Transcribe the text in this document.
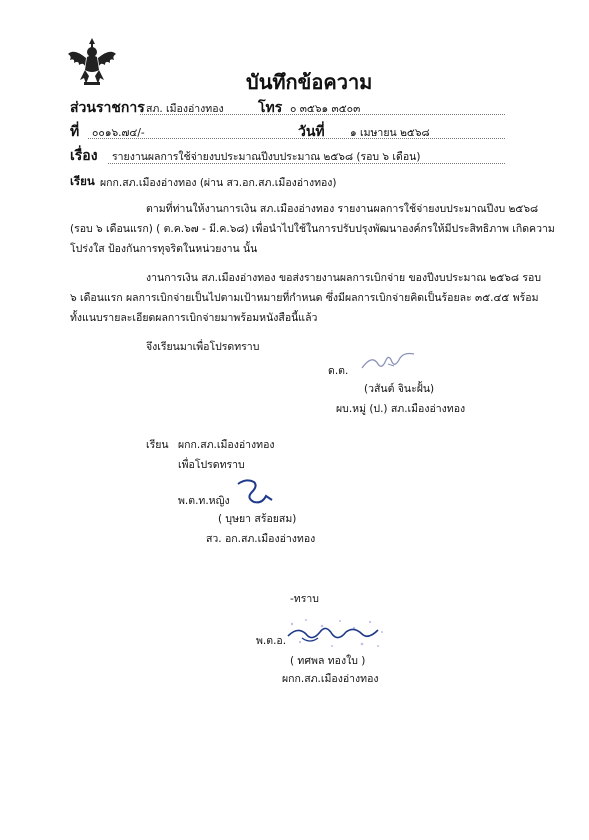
บันทึกข้อความ
ส่วนราชการ สภ. เมืองอ่างทอง โทร ๐ ๓๕๖๑ ๓๕๐๓
ที่ ๐๐๑๖.๗๔/-	วันที่ ๑ เมษายน ๒๕๖๘
เรื่อง รายงานผลการใช้จ่ายงบประมาณปีงบประมาณ ๒๕๖๘ (รอบ ๖ เดือน)
เรียน ผกก.สภ.เมืองอ่างทอง (ผ่าน สว.อก.สภ.เมืองอ่างทอง)
ตามที่ท่านให้งานการเงิน สภ.เมืองอ่างทอง รายงานผลการใช้จ่ายงบประมาณปีงบ ๒๕๖๘
(รอบ ๖ เดือนแรก) ( ต.ค.๖๗ - มี.ค.๖๘) เพื่อนำไปใช้ในการปรับปรุงพัฒนาองค์กรให้มีประสิทธิภาพ เกิดความ
โปร่งใส ป้องกันการทุจริตในหน่วยงาน นั้น
งานการเงิน สภ.เมืองอ่างทอง ขอส่งรายงานผลการเบิกจ่าย ของปีงบประมาณ ๒๕๖๘ รอบ
๖ เดือนแรก ผลการเบิกจ่ายเป็นไปตามเป้าหมายที่กำหนด ซึ่งมีผลการเบิกจ่ายคิดเป็นร้อยละ ๓๕.๔๕ พร้อม
ทั้งแนบรายละเอียดผลการเบิกจ่ายมาพร้อมหนังสือนี้แล้ว
จึงเรียนมาเพื่อโปรดทราบ
ด.ต.
(วสันต์ จินะฝั้น)
ผบ.หมู่ (ป.) สภ.เมืองอ่างทอง
เรียน ผกก.สภ.เมืองอ่างทอง
เพื่อโปรดทราบ
พ.ต.ท.หญิง
( บุษยา สร้อยสม)
สว. อก.สภ.เมืองอ่างทอง
-ทราบ
พ.ต.อ.
( ทศพล ทองใบ )
ผกก.สภ.เมืองอ่างทอง
